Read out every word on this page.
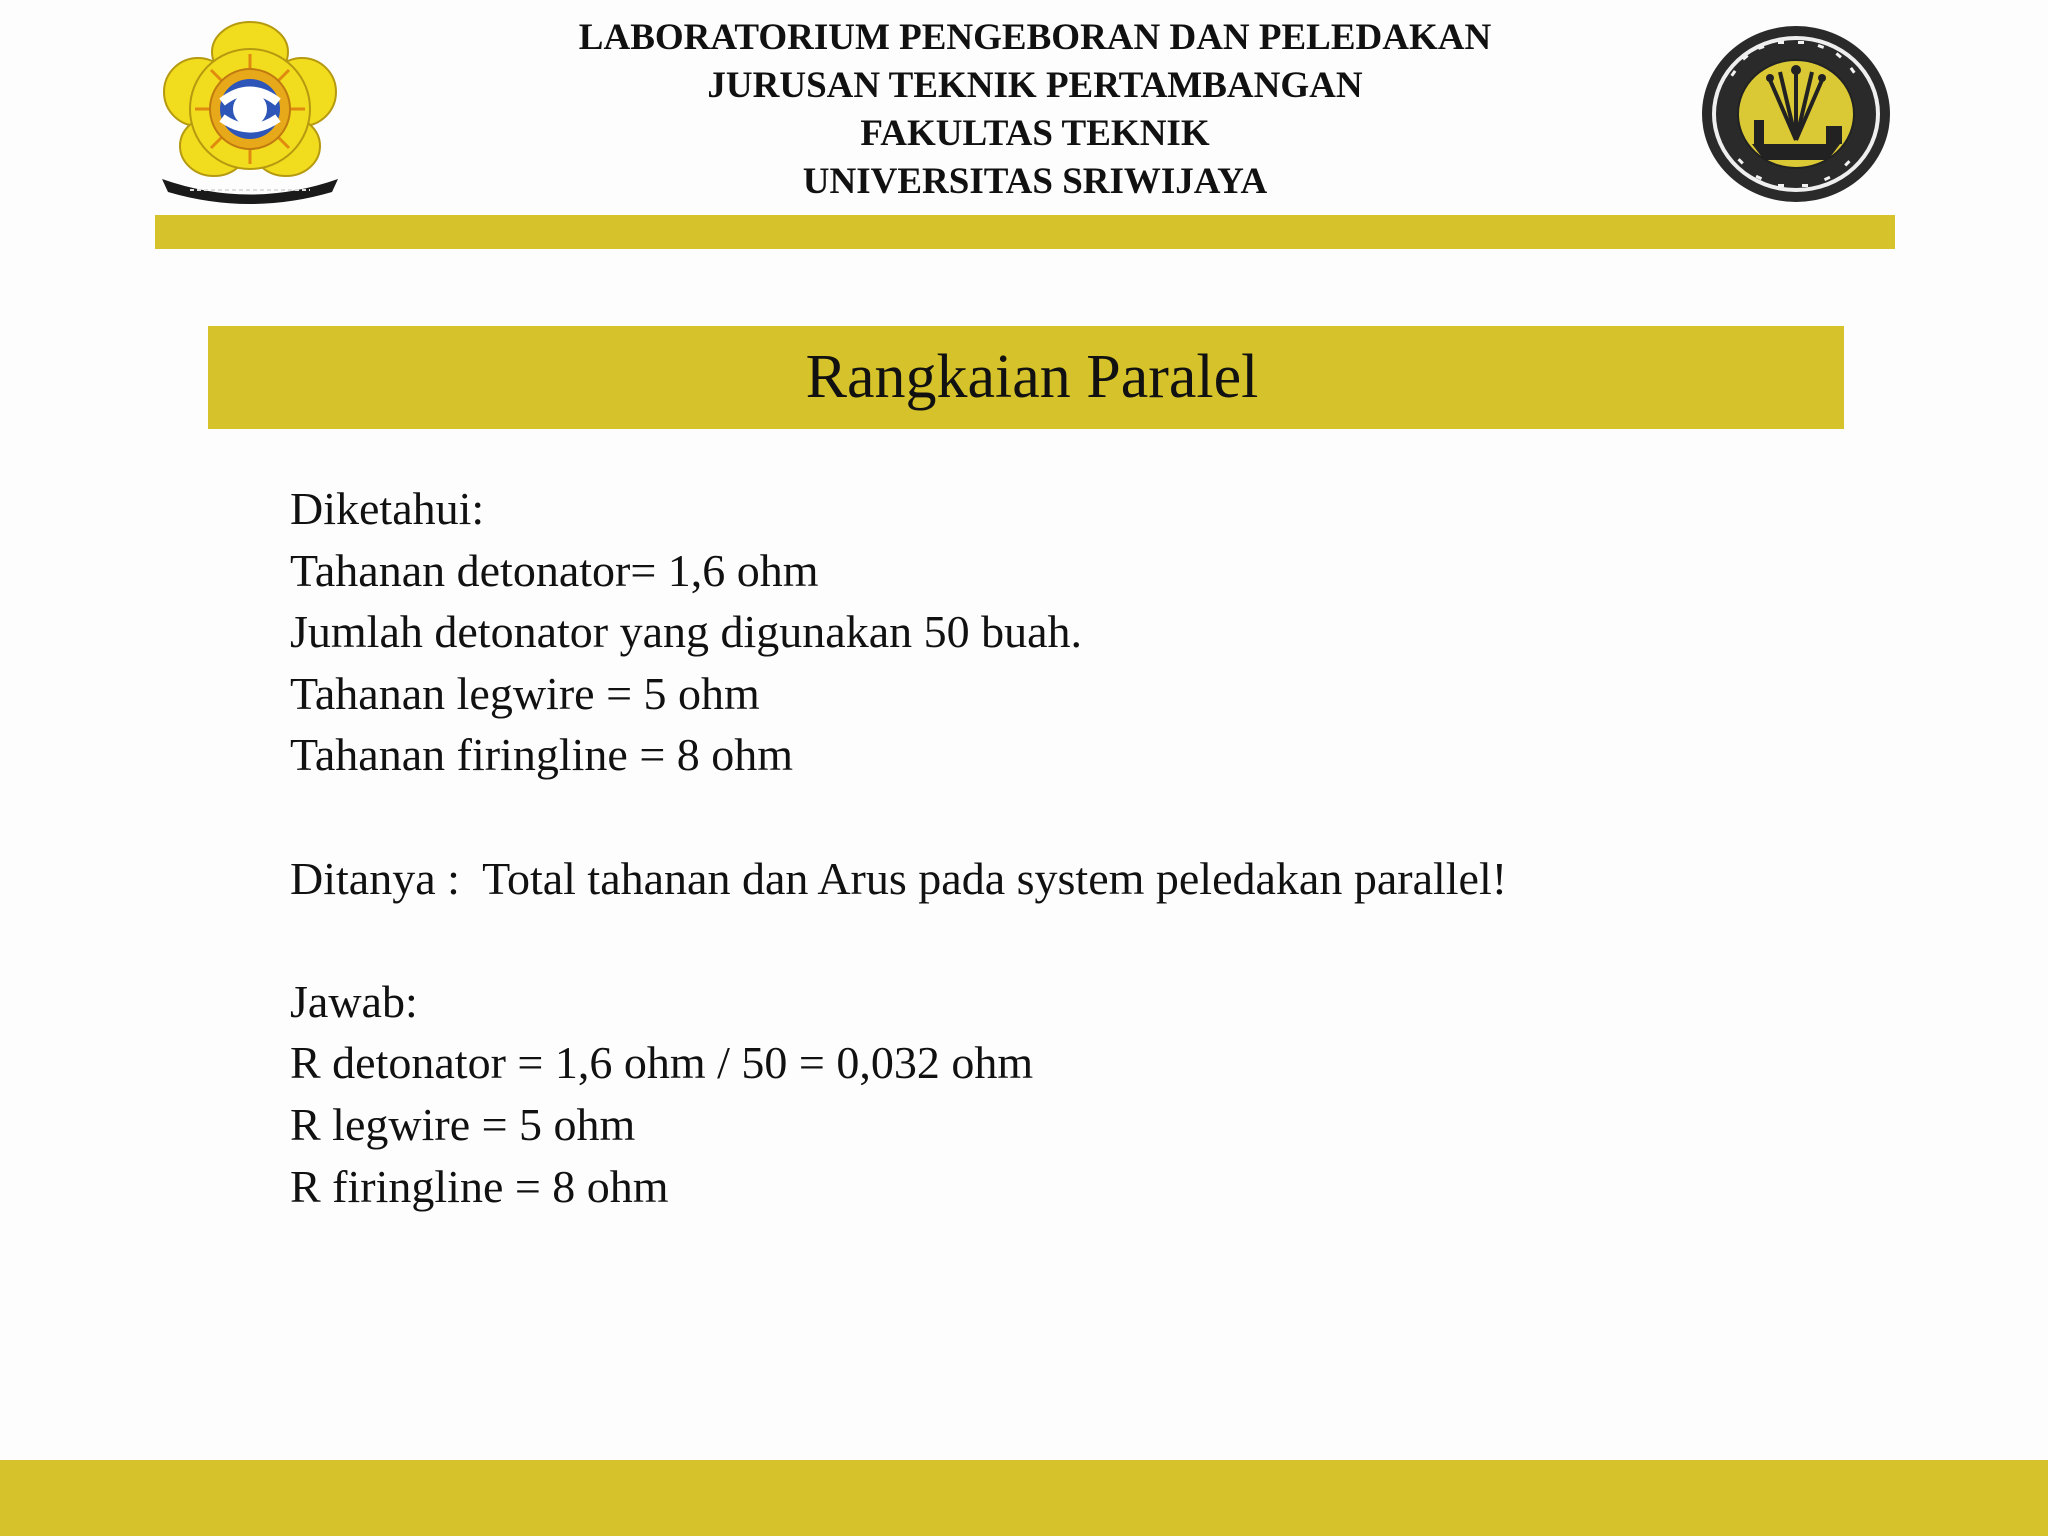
LABORATORIUM PENGEBORAN DAN PELEDAKAN
JURUSAN TEKNIK PERTAMBANGAN
FAKULTAS TEKNIK
UNIVERSITAS SRIWIJAYA
Rangkaian Paralel
Diketahui:
Tahanan detonator= 1,6 ohm
Jumlah detonator yang digunakan 50 buah.
Tahanan legwire = 5 ohm
Tahanan firingline = 8 ohm
Ditanya :  Total tahanan dan Arus pada system peledakan parallel!
Jawab:
R detonator = 1,6 ohm / 50 = 0,032 ohm
R legwire = 5 ohm
R firingline = 8 ohm
